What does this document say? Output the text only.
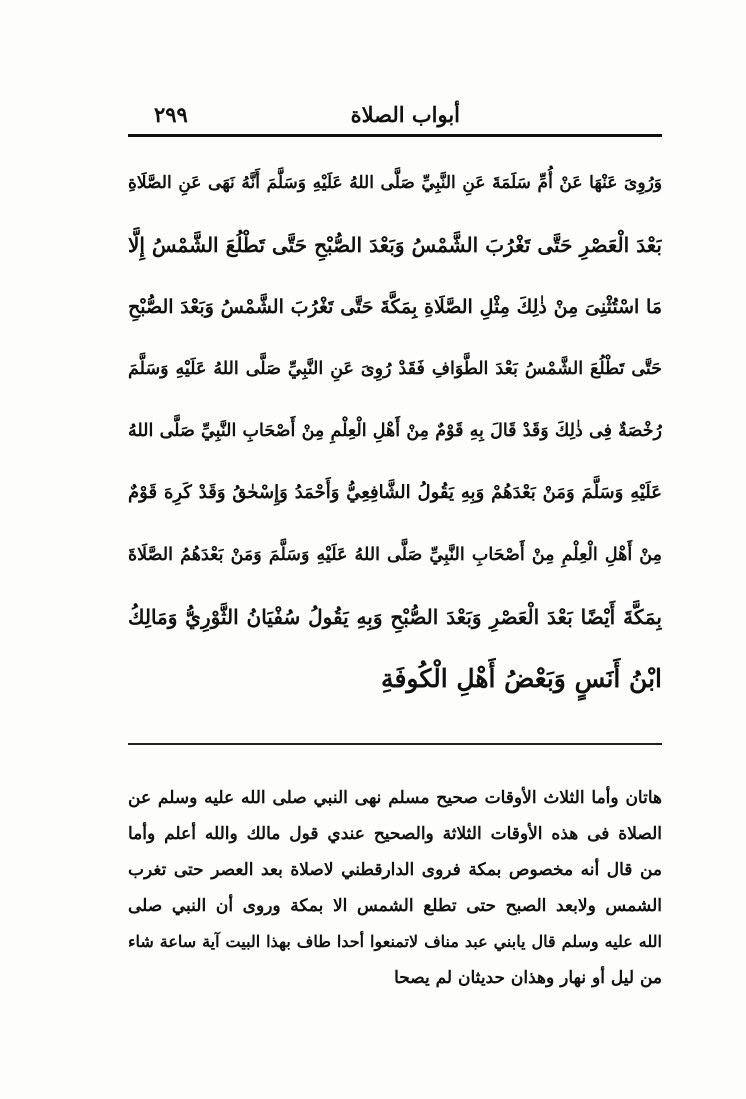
أبواب الصلاة
٢٩٩
وَرُوِىَ عَنْهَا عَنْ أُمِّ سَلَمَةَ عَنِ النَّبِيِّ صَلَّى اللهُ عَلَيْهِ وَسَلَّمَ أَنَّهُ نَهَى عَنِ الصَّلَاةِ
بَعْدَ الْعَصْرِ حَتَّى تَغْرُبَ الشَّمْسُ وَبَعْدَ الصُّبْحِ حَتَّى تَطْلُعَ الشَّمْسُ إِلَّا
مَا اسْتُثْنِىَ مِنْ ذٰلِكَ مِثْلِ الصَّلَاةِ بِمَكَّةَ حَتَّى تَغْرُبَ الشَّمْسُ وَبَعْدَ الصُّبْحِ
حَتَّى تَطْلُعَ الشَّمْسُ بَعْدَ الطَّوَافِ فَقَدْ رُوِىَ عَنِ النَّبِيِّ صَلَّى اللهُ عَلَيْهِ وَسَلَّمَ
رُخْصَةٌ فِى ذٰلِكَ وَقَدْ قَالَ بِهِ قَوْمٌ مِنْ أَهْلِ الْعِلْمِ مِنْ أَصْحَابِ النَّبِيِّ صَلَّى اللهُ
عَلَيْهِ وَسَلَّمَ وَمَنْ بَعْدَهُمْ وَبِهِ يَقُولُ الشَّافِعِيُّ وَأَحْمَدُ وَإِسْحٰقُ وَقَدْ كَرِهَ قَوْمٌ
مِنْ أَهْلِ الْعِلْمِ مِنْ أَصْحَابِ النَّبِيِّ صَلَّى اللهُ عَلَيْهِ وَسَلَّمَ وَمَنْ بَعْدَهُمُ الصَّلَاةَ
بِمَكَّةَ أَيْضًا بَعْدَ الْعَصْرِ وَبَعْدَ الصُّبْحِ وَبِهِ يَقُولُ سُفْيَانُ الثَّوْرِيُّ وَمَالِكُ
ابْنُ أَنَسٍ وَبَعْضُ أَهْلِ الْكُوفَةِ
هاتان وأما الثلاث الأوقات صحيح مسلم نهى النبي صلى الله عليه وسلم عن
الصلاة فى هذه الأوقات الثلاثة والصحيح عندي قول مالك والله أعلم وأما
من قال أنه مخصوص بمكة فروى الدارقطني لاصلاة بعد العصر حتى تغرب
الشمس ولابعد الصبح حتى تطلع الشمس الا بمكة وروى أن النبي صلى
الله عليه وسلم قال يابني عبد مناف لاتمنعوا أحدا طاف بهذا البيت آية ساعة شاء
من ليل أو نهار وهذان حديثان لم يصحا
